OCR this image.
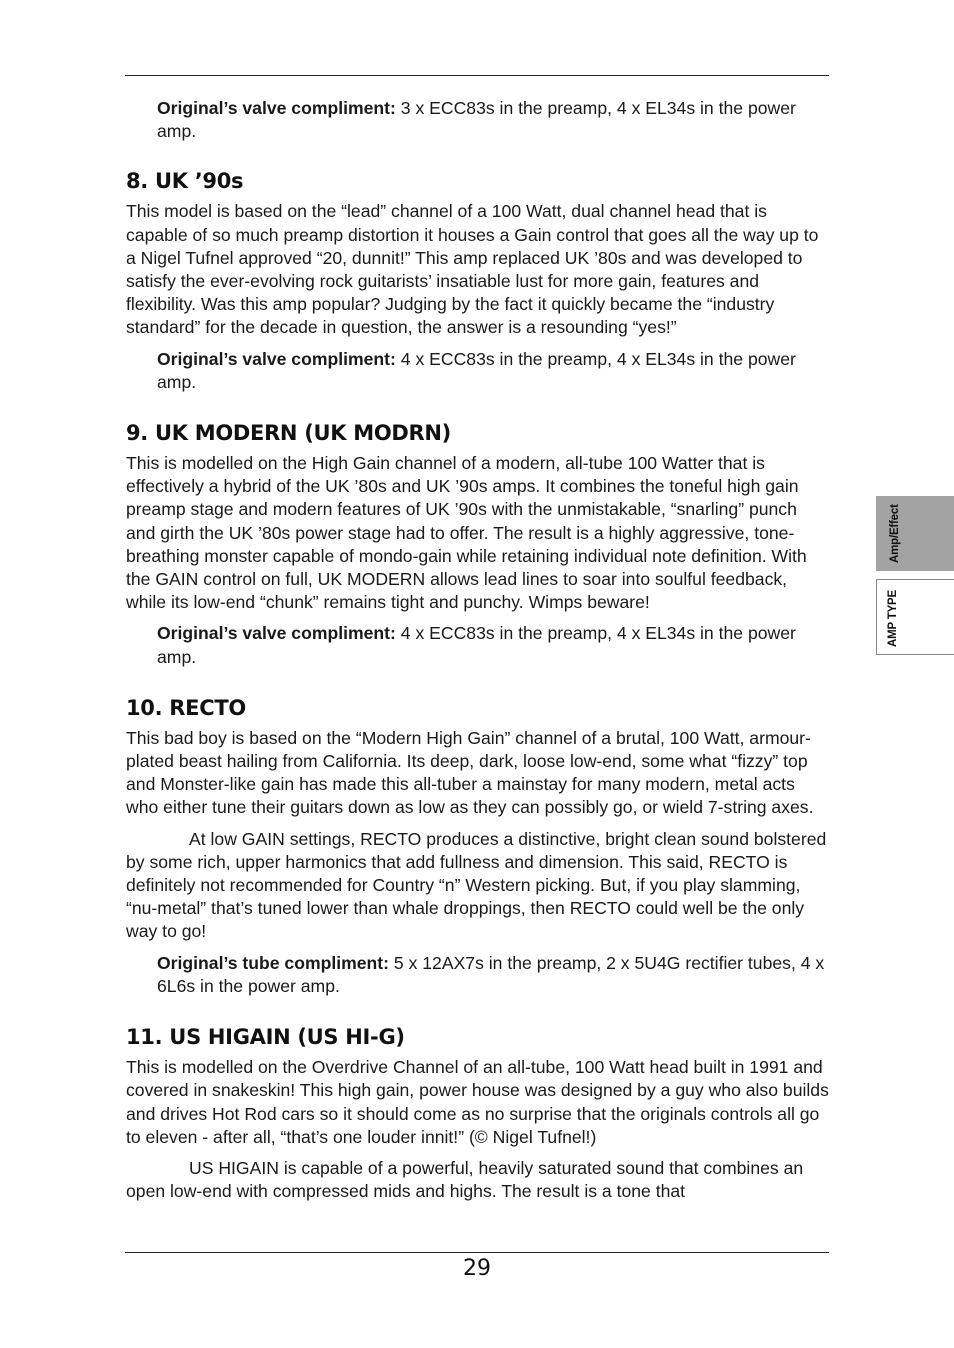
Original’s valve compliment: 3 x ECC83s in the preamp, 4 x EL34s in the power amp.

8. UK ’90s

This model is based on the “lead” channel of a 100 Watt, dual channel head that is capable of so much preamp distortion it houses a Gain control that goes all the way up to a Nigel Tufnel approved “20, dunnit!” This amp replaced UK ’80s and was developed to satisfy the ever-evolving rock guitarists’ insatiable lust for more gain, features and flexibility. Was this amp popular? Judging by the fact it quickly became the “industry standard” for the decade in question, the answer is a resounding “yes!”

Original’s valve compliment: 4 x ECC83s in the preamp, 4 x EL34s in the power amp.

9. UK MODERN (UK MODRN)

This is modelled on the High Gain channel of a modern, all-tube 100 Watter that is effectively a hybrid of the UK ’80s and UK ’90s amps. It combines the toneful high gain preamp stage and modern features of UK ’90s with the unmistakable, “snarling” punch and girth the UK ’80s power stage had to offer. The result is a highly aggressive, tone-breathing monster capable of mondo-gain while retaining individual note definition. With the GAIN control on full, UK MODERN allows lead lines to soar into soulful feedback, while its low-end “chunk” remains tight and punchy. Wimps beware!

Original’s valve compliment: 4 x ECC83s in the preamp, 4 x EL34s in the power amp.

10. RECTO

This bad boy is based on the “Modern High Gain” channel of a brutal, 100 Watt, armour-plated beast hailing from California. Its deep, dark, loose low-end, some what “fizzy” top and Monster-like gain has made this all-tuber a mainstay for many modern, metal acts who either tune their guitars down as low as they can possibly go, or wield 7-string axes.

At low GAIN settings, RECTO produces a distinctive, bright clean sound bolstered by some rich, upper harmonics that add fullness and dimension. This said, RECTO is definitely not recommended for Country “n” Western picking. But, if you play slamming, “nu-metal” that’s tuned lower than whale droppings, then RECTO could well be the only way to go!

Original’s tube compliment: 5 x 12AX7s in the preamp, 2 x 5U4G rectifier tubes, 4 x 6L6s in the power amp.

11. US HIGAIN (US HI-G)

This is modelled on the Overdrive Channel of an all-tube, 100 Watt head built in 1991 and covered in snakeskin! This high gain, power house was designed by a guy who also builds and drives Hot Rod cars so it should come as no surprise that the originals controls all go to eleven - after all, “that’s one louder innit!” (© Nigel Tufnel!)

US HIGAIN is capable of a powerful, heavily saturated sound that combines an open low-end with compressed mids and highs. The result is a tone that

29
Amp/Effect
AMP TYPE
